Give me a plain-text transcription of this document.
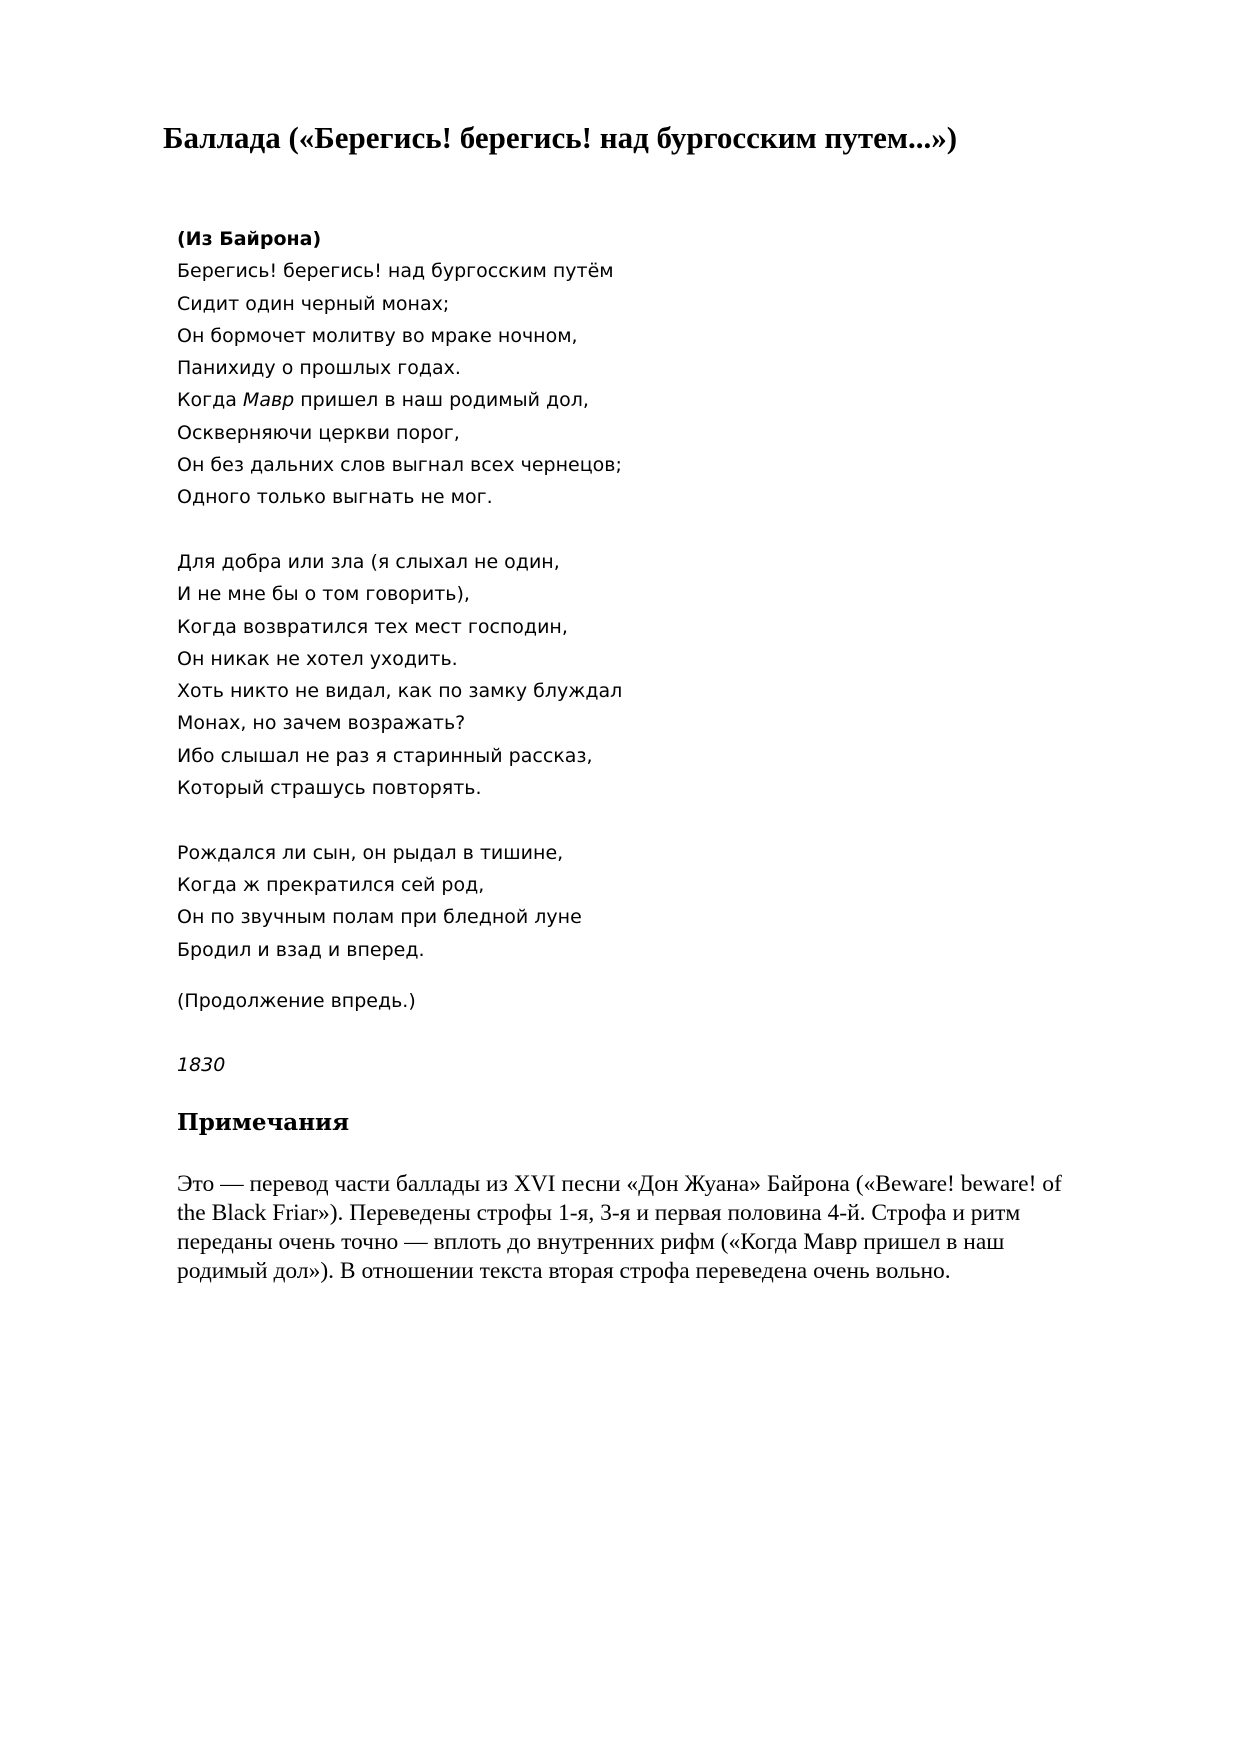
Баллада («Берегись! берегись! над бургосским путем...»)
(Из Байрона)
Берегись! берегись! над бургосским путём
Сидит один черный монах;
Он бормочет молитву во мраке ночном,
Панихиду о прошлых годах.
Когда Мавр пришел в наш родимый дол,
Оскверняючи церкви порог,
Он без дальних слов выгнал всех чернецов;
Одного только выгнать не мог.
Для добра или зла (я слыхал не один,
И не мне бы о том говорить),
Когда возвратился тех мест господин,
Он никак не хотел уходить.
Хоть никто не видал, как по замку блуждал
Монах, но зачем возражать?
Ибо слышал не раз я старинный рассказ,
Который страшусь повторять.
Рождался ли сын, он рыдал в тишине,
Когда ж прекратился сей род,
Он по звучным полам при бледной луне
Бродил и взад и вперед.
(Продолжение впредь.)
1830
Примечания
Это — перевод части баллады из XVI песни «Дон Жуана» Байрона («Beware! beware! of
the Black Friar»). Переведены строфы 1-я, 3-я и первая половина 4-й. Строфа и ритм
переданы очень точно — вплоть до внутренних рифм («Когда Мавр пришел в наш
родимый дол»). В отношении текста вторая строфа переведена очень вольно.
